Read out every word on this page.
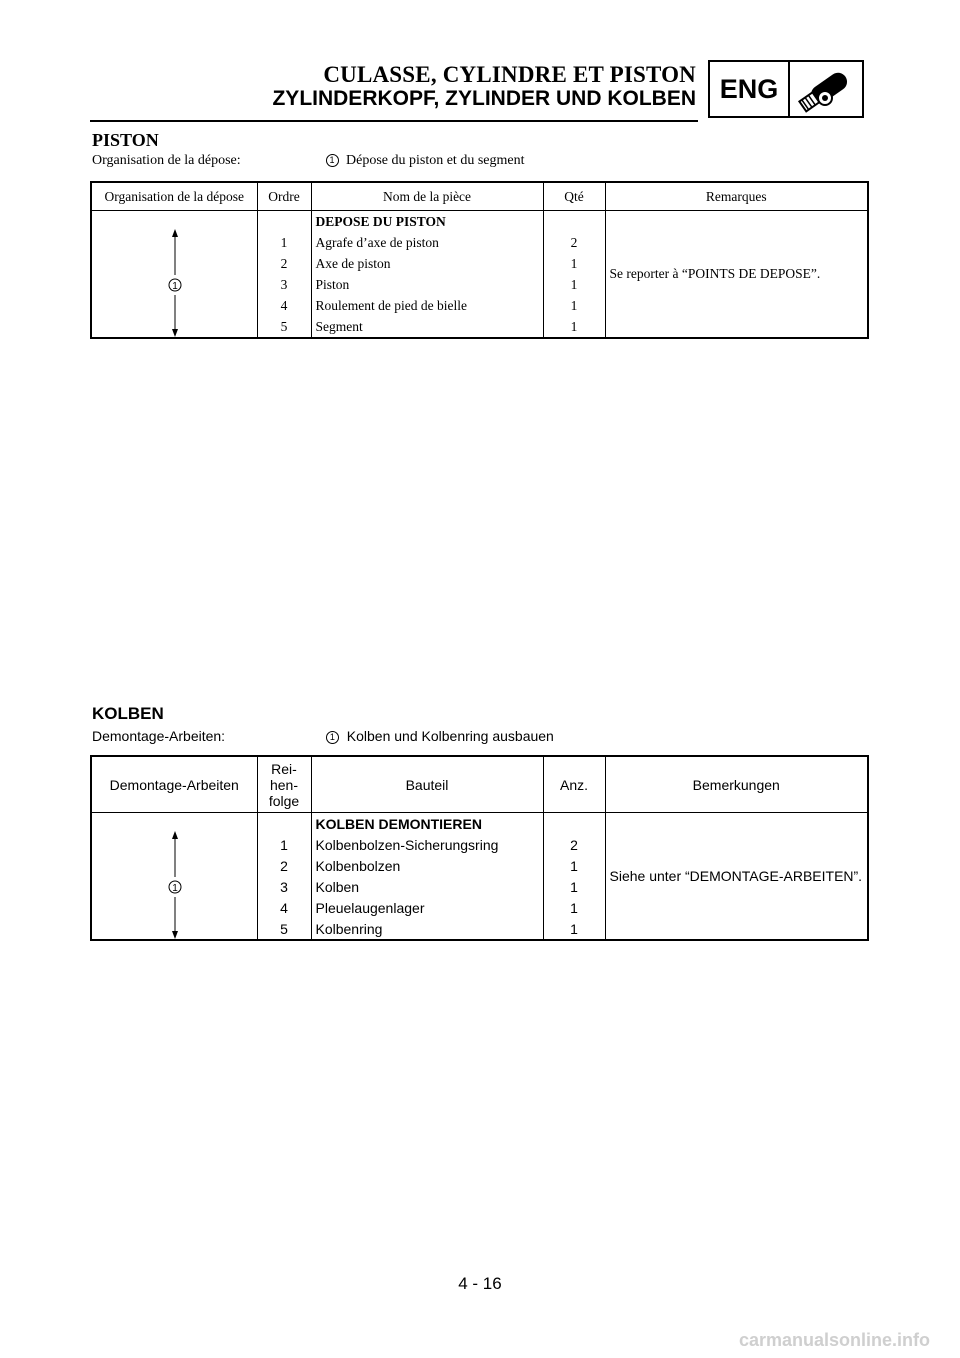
CULASSE, CYLINDRE ET PISTON
ZYLINDERKOPF, ZYLINDER UND KOLBEN ENG
PISTON
Organisation de la dépose:	1 Dépose du piston et du segment
Organisation de la dépose	Ordre	Nom de la pièce	Qté	Remarques

1		DEPOSE DU PISTON		Se reporter à “POINTS DE DEPOSE”.
	1	Agrafe d’axe de piston	2	
	2	Axe de piston	1	
	3	Piston	1	
	4	Roulement de pied de bielle	1	
	5	Segment	1	
KOLBEN
Demontage-Arbeiten:	1 Kolben und Kolbenring ausbauen
Demontage-Arbeiten	Rei-
hen-
folge	Bauteil	Anz.	Bemerkungen

1		KOLBEN DEMONTIEREN		Siehe unter “DEMONTAGE-ARBEITEN”.
	1	Kolbenbolzen-Sicherungsring	2	
	2	Kolbenbolzen	1	
	3	Kolben	1	
	4	Pleuelaugenlager	1	
	5	Kolbenring	1	
4 - 16
carmanualsonline.info
